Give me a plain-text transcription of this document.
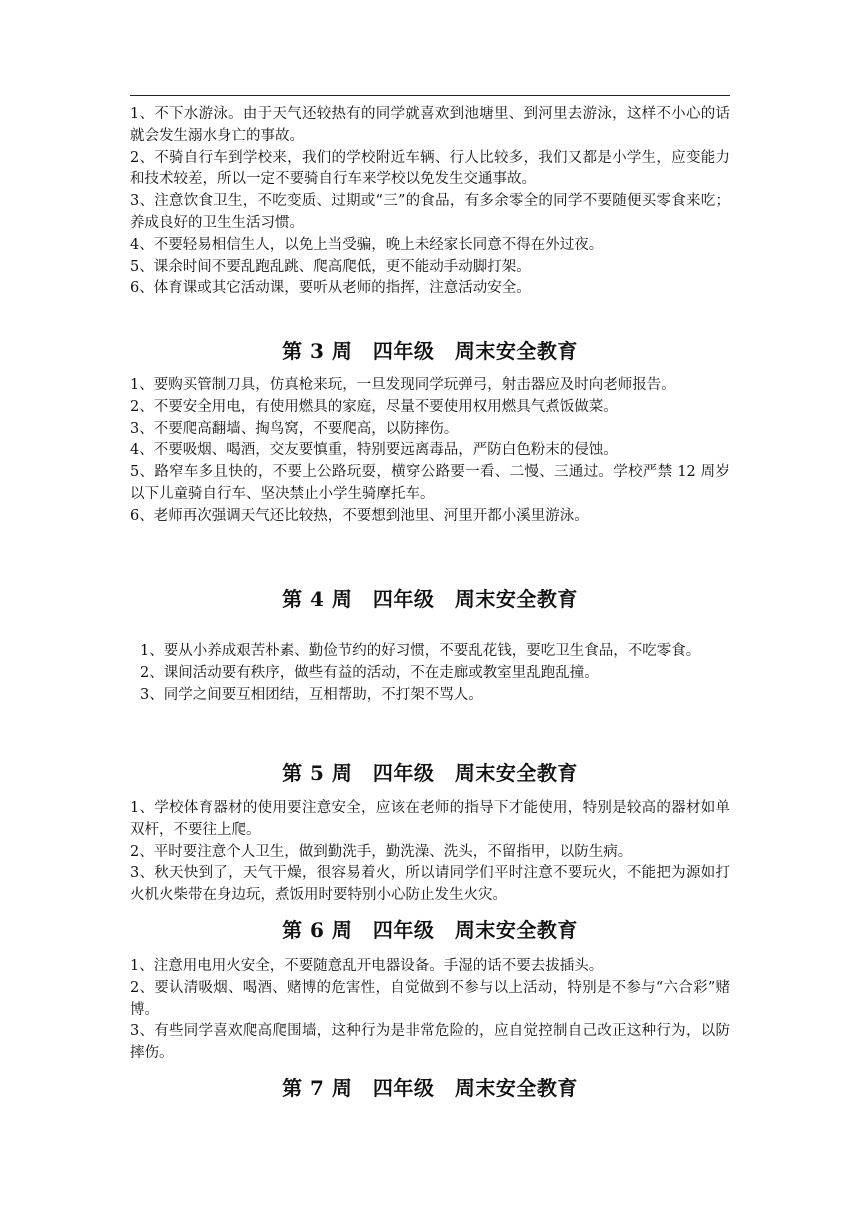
1、不下水游泳。由于天气还较热有的同学就喜欢到池塘里、到河里去游泳，这样不小心的话就会发生溺水身亡的事故。

2、不骑自行车到学校来，我们的学校附近车辆、行人比较多，我们又都是小学生，应变能力和技术较差，所以一定不要骑自行车来学校以免发生交通事故。

3、注意饮食卫生，不吃变质、过期或“三”的食品，有多余零全的同学不要随便买零食来吃；养成良好的卫生生活习惯。

4、不要轻易相信生人，以免上当受骗，晚上未经家长同意不得在外过夜。

5、课余时间不要乱跑乱跳、爬高爬低，更不能动手动脚打架。

6、体育课或其它活动课，要听从老师的指挥，注意活动安全。

第 3 周　四年级　周末安全教育

1、要购买管制刀具，仿真枪来玩，一旦发现同学玩弹弓，射击器应及时向老师报告。

2、不要安全用电，有使用燃具的家庭，尽量不要使用权用燃具气煮饭做菜。

3、不要爬高翻墙、掏鸟窝，不要爬高，以防摔伤。

4、不要吸烟、喝酒，交友要慎重，特别要远离毒品，严防白色粉末的侵蚀。

5、路窄车多且快的，不要上公路玩耍，横穿公路要一看、二慢、三通过。学校严禁 12 周岁以下儿童骑自行车、坚决禁止小学生骑摩托车。

6、老师再次强调天气还比较热，不要想到池里、河里开都小溪里游泳。

第 4 周　四年级　周末安全教育

1、要从小养成艰苦朴素、勤俭节约的好习惯，不要乱花钱，要吃卫生食品，不吃零食。

2、课间活动要有秩序，做些有益的活动，不在走廊或教室里乱跑乱撞。

3、同学之间要互相团结，互相帮助，不打架不骂人。

第 5 周　四年级　周末安全教育

1、学校体育器材的使用要注意安全，应该在老师的指导下才能使用，特别是较高的器材如单双杆，不要往上爬。

2、平时要注意个人卫生，做到勤洗手，勤洗澡、洗头，不留指甲，以防生病。

3、秋天快到了，天气干燥，很容易着火，所以请同学们平时注意不要玩火，不能把为源如打火机火柴带在身边玩，煮饭用时要特别小心防止发生火灾。

第 6 周　四年级　周末安全教育

1、注意用电用火安全，不要随意乱开电器设备。手湿的话不要去拔插头。

2、要认清吸烟、喝酒、赌博的危害性，自觉做到不参与以上活动，特别是不参与“六合彩”赌博。

3、有些同学喜欢爬高爬围墙，这种行为是非常危险的，应自觉控制自己改正这种行为，以防摔伤。

第 7 周　四年级　周末安全教育
